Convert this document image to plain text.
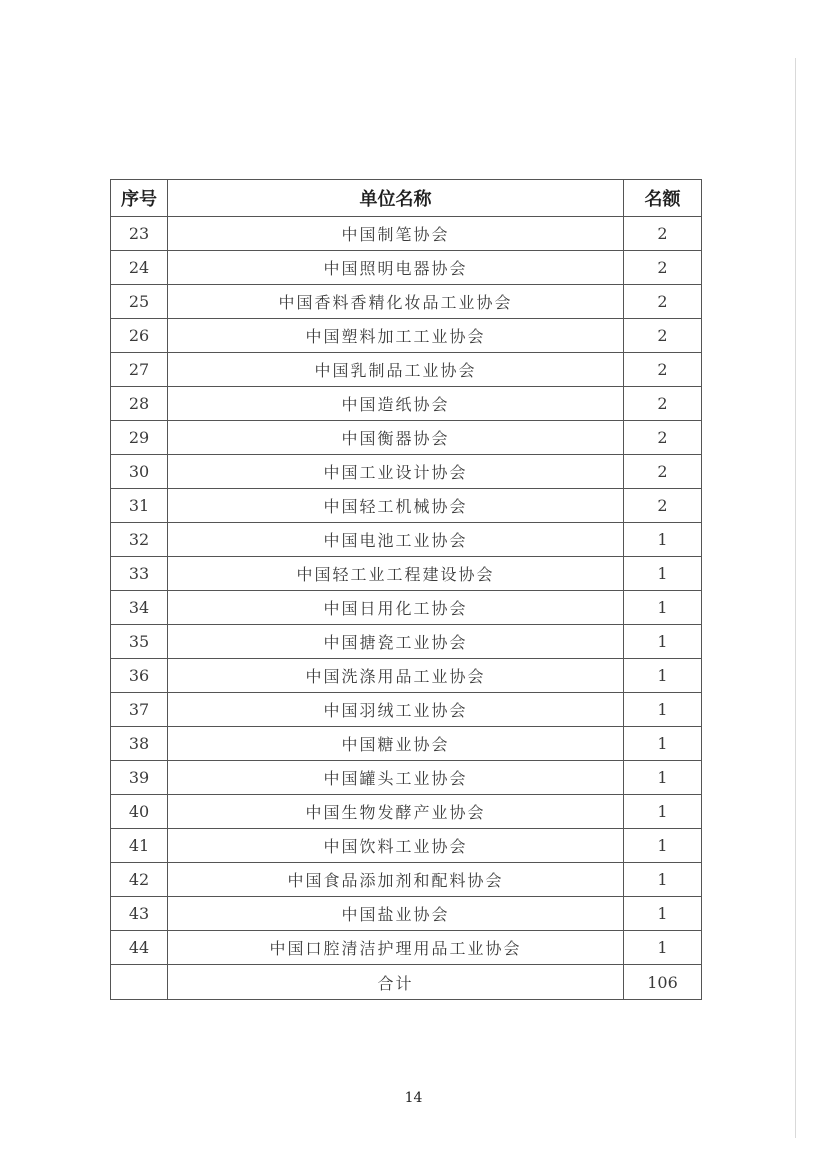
序号	单位名称	名额
23	中国制笔协会	2
24	中国照明电器协会	2
25	中国香料香精化妆品工业协会	2
26	中国塑料加工工业协会	2
27	中国乳制品工业协会	2
28	中国造纸协会	2
29	中国衡器协会	2
30	中国工业设计协会	2
31	中国轻工机械协会	2
32	中国电池工业协会	1
33	中国轻工业工程建设协会	1
34	中国日用化工协会	1
35	中国搪瓷工业协会	1
36	中国洗涤用品工业协会	1
37	中国羽绒工业协会	1
38	中国糖业协会	1
39	中国罐头工业协会	1
40	中国生物发酵产业协会	1
41	中国饮料工业协会	1
42	中国食品添加剂和配料协会	1
43	中国盐业协会	1
44	中国口腔清洁护理用品工业协会	1
	合计	106
14
